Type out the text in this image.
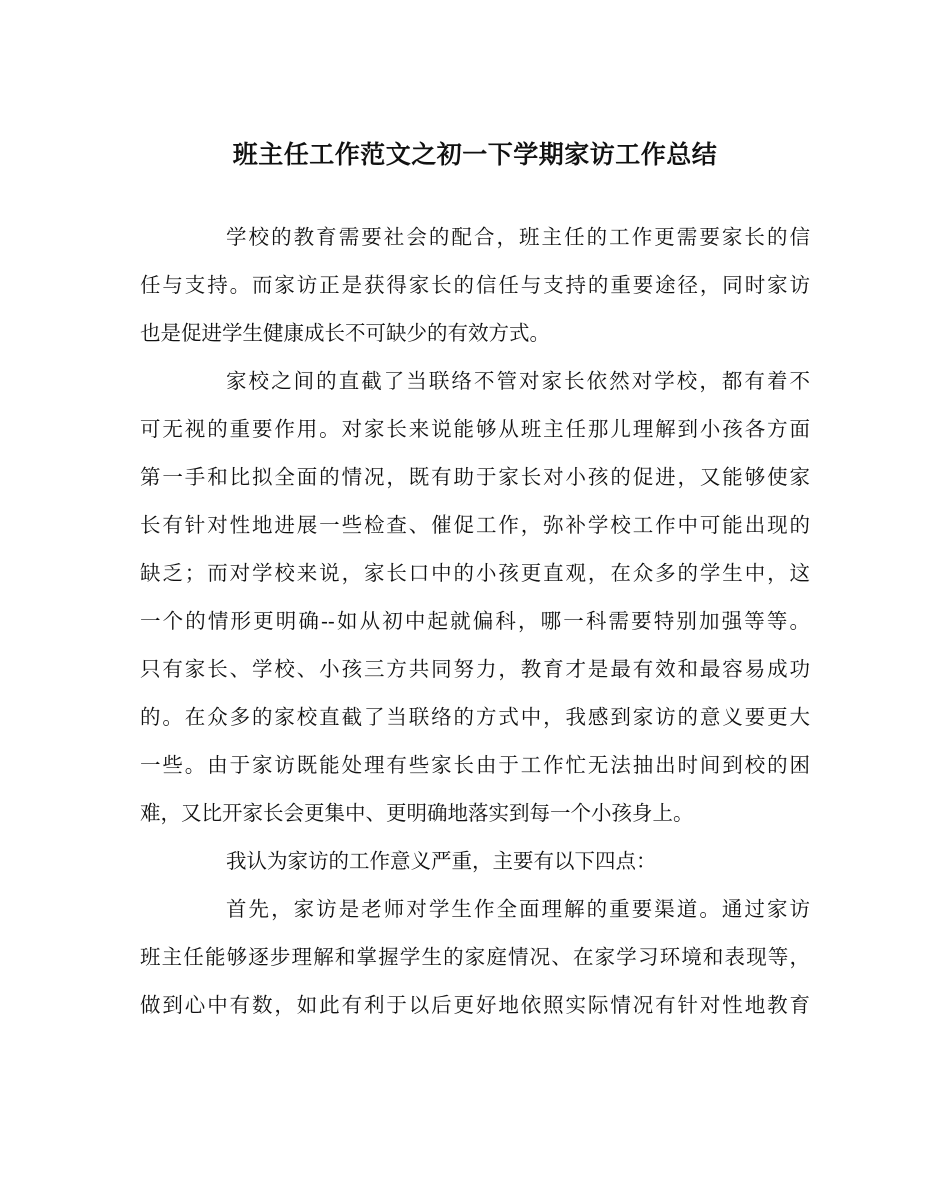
班主任工作范文之初一下学期家访工作总结
学校的教育需要社会的配合，班主任的工作更需要家长的信
任与支持。而家访正是获得家长的信任与支持的重要途径，同时家访
也是促进学生健康成长不可缺少的有效方式。
家校之间的直截了当联络不管对家长依然对学校，都有着不
可无视的重要作用。对家长来说能够从班主任那儿理解到小孩各方面
第一手和比拟全面的情况，既有助于家长对小孩的促进，又能够使家
长有针对性地进展一些检查、催促工作，弥补学校工作中可能出现的
缺乏；而对学校来说，家长口中的小孩更直观，在众多的学生中，这
一个的情形更明确--如从初中起就偏科，哪一科需要特别加强等等。
只有家长、学校、小孩三方共同努力，教育才是最有效和最容易成功
的。在众多的家校直截了当联络的方式中，我感到家访的意义要更大
一些。由于家访既能处理有些家长由于工作忙无法抽出时间到校的困
难，又比开家长会更集中、更明确地落实到每一个小孩身上。
我认为家访的工作意义严重，主要有以下四点：
首先，家访是老师对学生作全面理解的重要渠道。通过家访
班主任能够逐步理解和掌握学生的家庭情况、在家学习环境和表现等，
做到心中有数，如此有利于以后更好地依照实际情况有针对性地教育
